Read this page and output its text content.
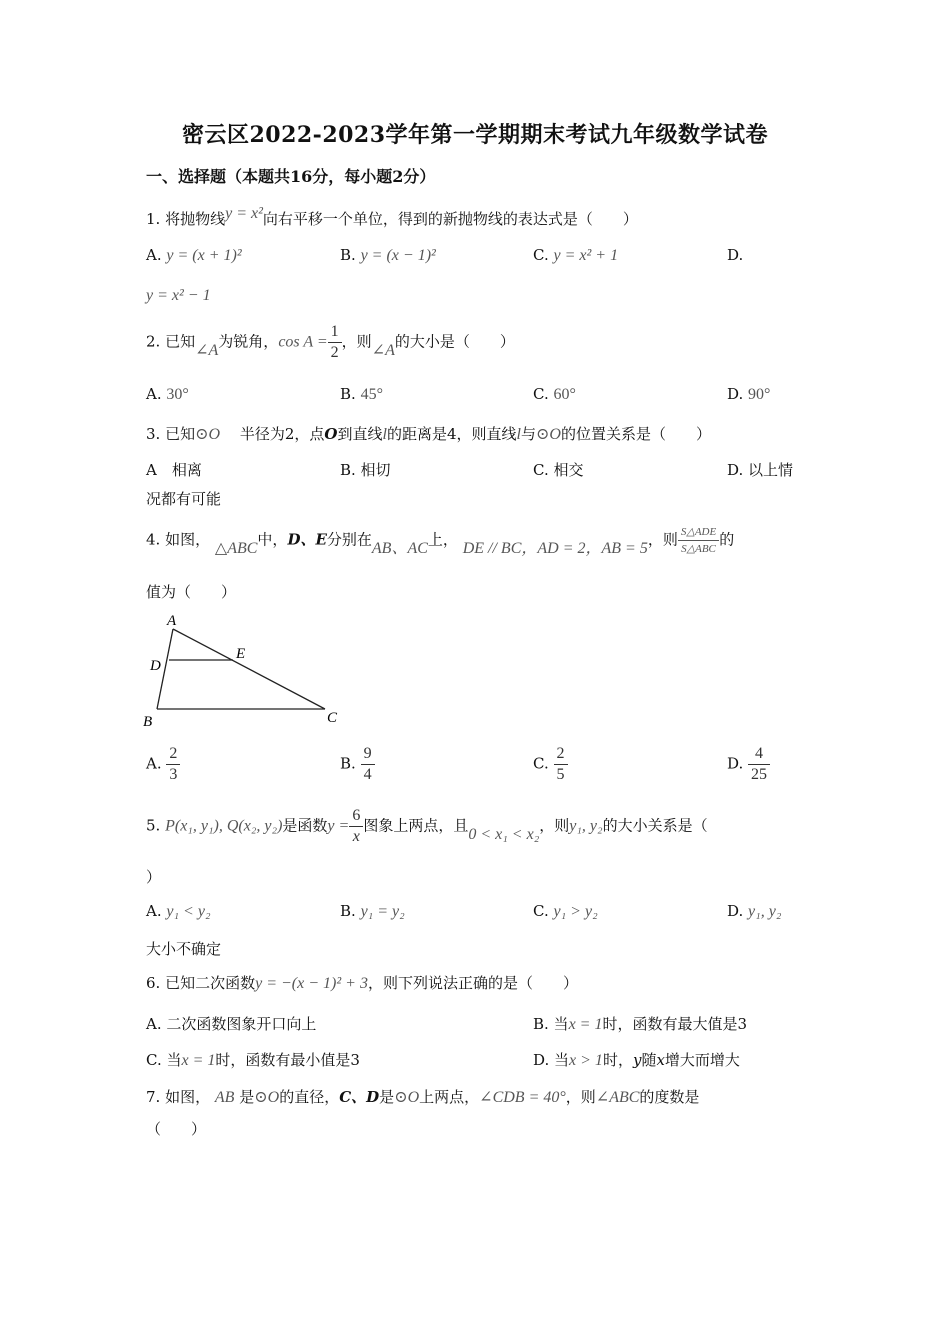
密云区2022-2023学年第一学期期末考试九年级数学试卷
一、选择题（本题共16分，每小题2分）
1. 将抛物线y = x²向右平移一个单位，得到的新抛物线的表达式是（　　）
A. y = (x + 1)²	B. y = (x − 1)²	C. y = x² + 1	D.
y = x² − 1
2. 已知∠A为锐角，$\cos A = \frac{1}{2}$ ，则∠A的大小是（　　）
A. 30°	B. 45°	C. 60°	D. 90°
3. 已知⊙O　 半径为2，点O到直线l的距离是4，则直线l与⊙O的位置关系是（　　）
A　相离	B. 相切	C. 相交	D. 以上情
况都有可能
4. 如图， △ABC中，D、E分别在AB、AC上， DE // BC，AD = 2，AB = 5，则 $\frac{\text{S△ADE}}{\text{S△ABC}}$ 的
值为（　　）
A
B	C
D
E
A. $\frac{2}{3}$	B. $\frac{9}{4}$	C. $\frac{2}{5}$	D. $\frac{4}{25}$
5. P(x₁, y₁), Q(x₂, y₂)是函数$y = \frac{6}{x}$ 图象上两点，且0 < x₁ < x₂，则y₁, y₂的大小关系是（
）
A. y₁ < y₂	B. y₁ = y₂	C. y₁ > y₂	D. y₁, y₂
大小不确定
6. 已知二次函数y = −(x − 1)² + 3，则下列说法正确的是（　　）
A. 二次函数图象开口向上	B. 当x = 1时，函数有最大值是3
C. 当x = 1时，函数有最小值是3	D. 当x > 1时，y随x增大而增大
7. 如图， AB 是⊙O的直径，C、D是⊙O上两点，∠CDB = 40°，则∠ABC的度数是
（　　）
